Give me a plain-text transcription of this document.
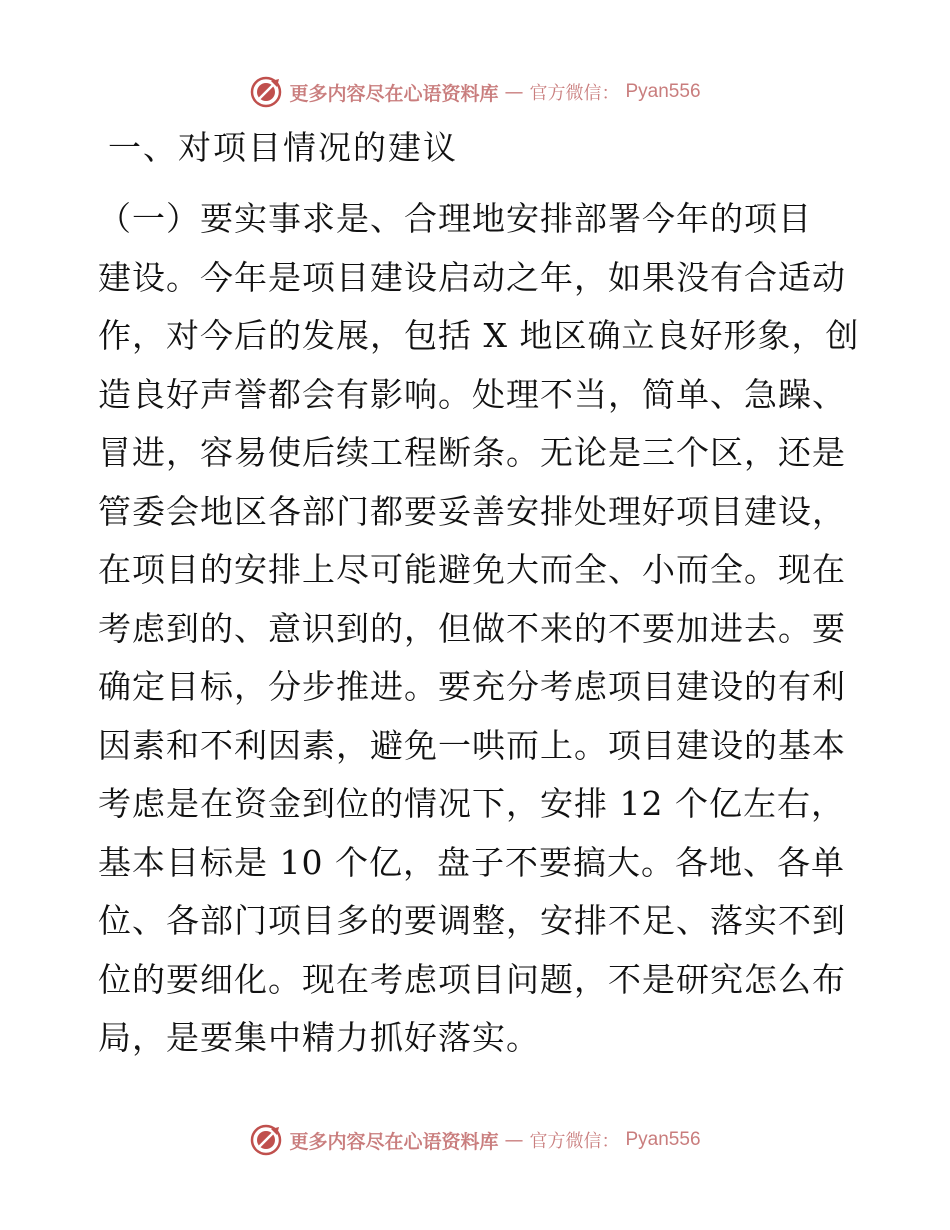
更多内容尽在心语资料库 — 官方微信： Pyan556
一、对项目情况的建议
（一）要实事求是、合理地安排部署今年的项目
建设。今年是项目建设启动之年，如果没有合适动
作，对今后的发展，包括 X 地区确立良好形象，创
造良好声誉都会有影响。处理不当，简单、急躁、
冒进，容易使后续工程断条。无论是三个区，还是
管委会地区各部门都要妥善安排处理好项目建设，
在项目的安排上尽可能避免大而全、小而全。现在
考虑到的、意识到的，但做不来的不要加进去。要
确定目标，分步推进。要充分考虑项目建设的有利
因素和不利因素，避免一哄而上。项目建设的基本
考虑是在资金到位的情况下，安排 12 个亿左右，
基本目标是 10 个亿，盘子不要搞大。各地、各单
位、各部门项目多的要调整，安排不足、落实不到
位的要细化。现在考虑项目问题，不是研究怎么布
局，是要集中精力抓好落实。
更多内容尽在心语资料库 — 官方微信： Pyan556
